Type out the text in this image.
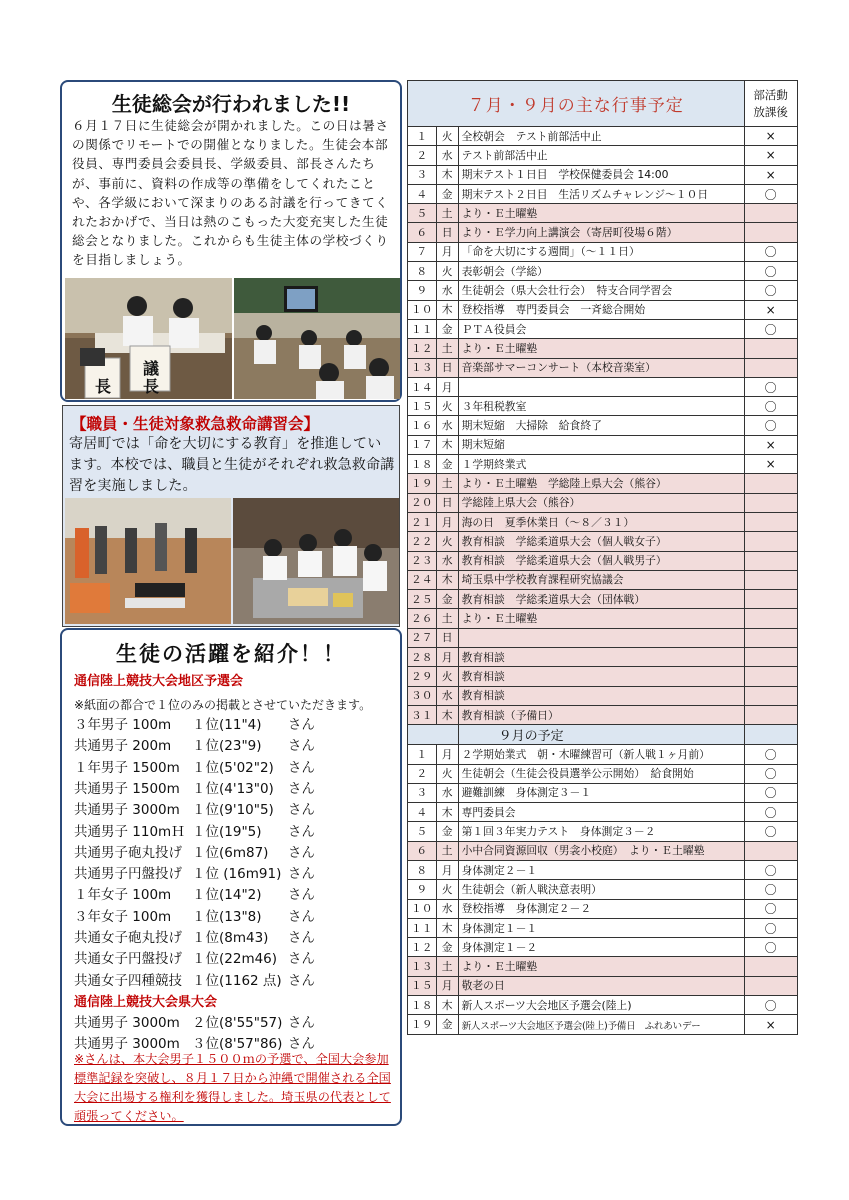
生徒総会が行われました!!
６月１７日に生徒総会が開かれました。この日は暑さの関係でリモートでの開催となりました。生徒会本部役員、専門委員会委員長、学級委員、部長さんたちが、事前に、資料の作成等の準備をしてくれたことや、各学級において深まりのある討議を行ってきてくれたおかげで、当日は熱のこもった大変充実した生徒総会となりました。これからも生徒主体の学校づくりを目指しましょう。
長
議
長
【職員・生徒対象救急救命講習会】
寄居町では「命を大切にする教育」を推進しています。本校では、職員と生徒がそれぞれ救急救命講習を実施しました。
生徒の活躍を紹介！！
通信陸上競技大会地区予選会
※紙面の都合で１位のみの掲載とさせていただきます。
３年男子 100m	１位(11"4)	さん
共通男子 200m	１位(23"9)	さん
１年男子 1500m １位(5'02"2)	さん
共通男子 1500m １位(4'13"0)	さん
共通男子 3000m １位(9'10"5)	さん
共通男子 110mＨ １位(19"5)	さん
共通男子砲丸投げ １位(6m87)	さん
共通男子円盤投げ １位 (16m91) さん
１年女子 100m	１位(14"2)	さん
３年女子 100m	１位(13"8)	さん
共通女子砲丸投げ １位(8m43)	さん
共通女子円盤投げ １位(22m46) さん
共通女子四種競技 １位(1162 点) さん
通信陸上競技大会県大会
共通男子 3000m ２位(8'55"57) さん
共通男子 3000m ３位(8'57"86) さん
※さんは、本大会男子１５００ｍの予選で、全国大会参加標準記録を突破し、８月１７日から沖縄で開催される全国大会に出場する権利を獲得しました。埼玉県の代表として頑張ってください。
７月・９月の主な行事予定			部活動放課後
１	火	全校朝会　テスト前部活中止	×
２	水	テスト前部活中止	×
３	木	期末テスト１日目　学校保健委員会 14:00	×
４	金	期末テスト２日目　生活リズムチャレンジ～１０日	〇
５	土	より・Ｅ土曜塾	
６	日	より・Ｅ学力向上講演会（寄居町役場６階）	
７	月	「命を大切にする週間」（～１１日）	〇
８	火	表彰朝会（学総）	〇
９	水	生徒朝会（県大会壮行会）　特支合同学習会	〇
１０	木	登校指導　専門委員会　一斉総合開始	×
１１	金	ＰＴＡ役員会	〇
１２	土	より・Ｅ土曜塾	
１３	日	音楽部サマーコンサート（本校音楽室）	
１４	月		〇
１５	火	３年租税教室	〇
１６	水	期末短縮　大掃除　給食終了	〇
１７	木	期末短縮	×
１８	金	１学期終業式	×
１９	土	より・Ｅ土曜塾　学総陸上県大会（熊谷）	
２０	日	学総陸上県大会（熊谷）	
２１	月	海の日　夏季休業日（～８／３１）	
２２	火	教育相談　学総柔道県大会（個人戦女子）	
２３	水	教育相談　学総柔道県大会（個人戦男子）	
２４	木	埼玉県中学校教育課程研究協議会	
２５	金	教育相談　学総柔道県大会（団体戦）	
２６	土	より・Ｅ土曜塾	
２７	日		
２８	月	教育相談	
２９	火	教育相談	
３０	水	教育相談	
３１	木	教育相談（予備日）	
		９月の予定	
１	月	２学期始業式　朝・木曜練習可（新人戦１ヶ月前）	〇
２	火	生徒朝会（生徒会役員選挙公示開始）　給食開始	〇
３	水	避難訓練　身体測定３－１	〇
４	木	専門委員会	〇
５	金	第１回３年実力テスト　身体測定３－２	〇
６	土	小中合同資源回収（男衾小校庭）　より・Ｅ土曜塾	
８	月	身体測定２－１	〇
９	火	生徒朝会（新人戦決意表明）	〇
１０	水	登校指導　身体測定２－２	〇
１１	木	身体測定１－１	〇
１２	金	身体測定１－２	〇
１３	土	より・Ｅ土曜塾	
１５	月	敬老の日	
１８	木	新人スポーツ大会地区予選会(陸上)	〇
１９	金	新人スポーツ大会地区予選会(陸上)予備日　ふれあいデー	×
